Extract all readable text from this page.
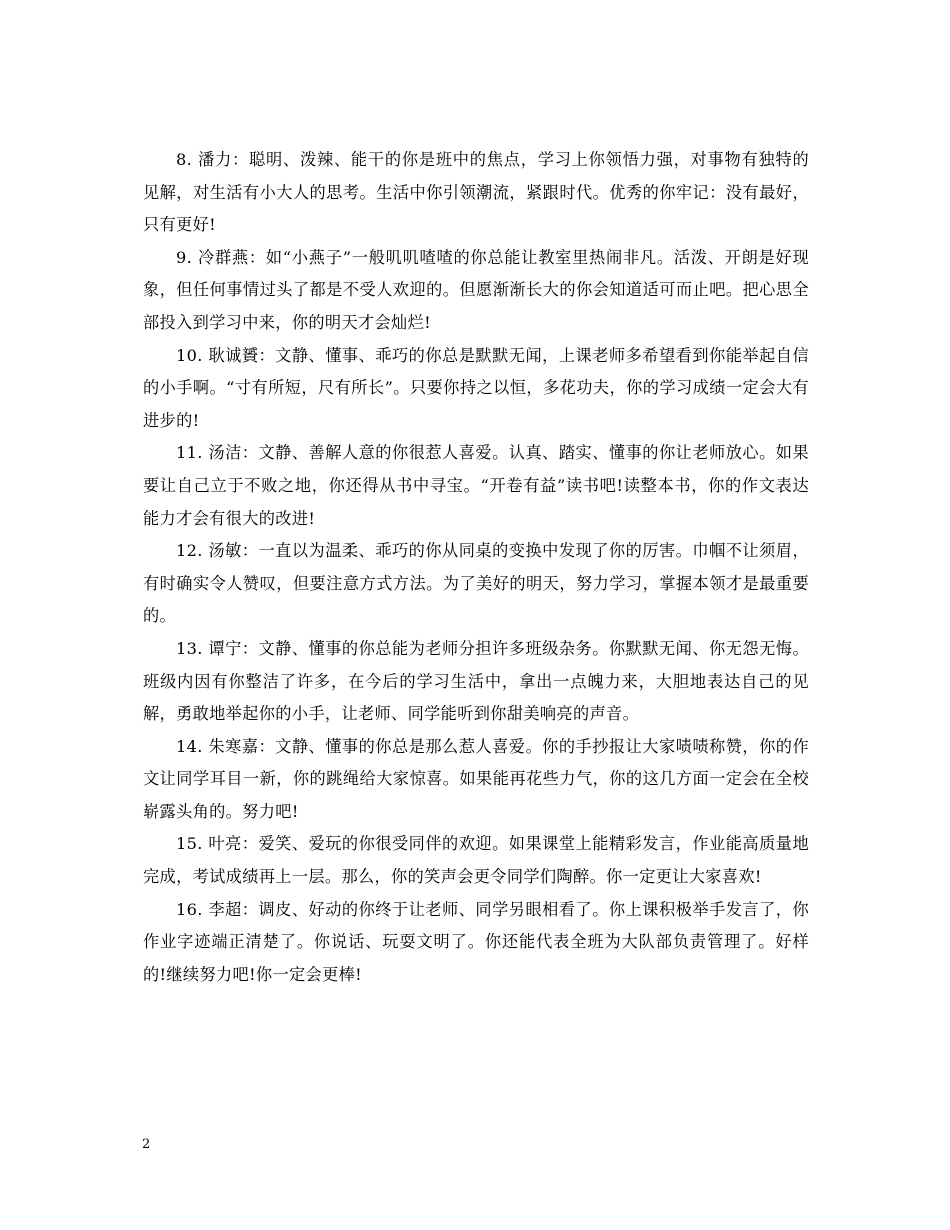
8. 潘力：聪明、泼辣、能干的你是班中的焦点，学习上你领悟力强，对事物有独特的见解，对生活有小大人的思考。生活中你引领潮流，紧跟时代。优秀的你牢记：没有最好，只有更好!

9. 冷群燕：如“小燕子”一般叽叽喳喳的你总能让教室里热闹非凡。活泼、开朗是好现象，但任何事情过头了都是不受人欢迎的。但愿渐渐长大的你会知道适可而止吧。把心思全部投入到学习中来，你的明天才会灿烂!

10. 耿诚贇：文静、懂事、乖巧的你总是默默无闻，上课老师多希望看到你能举起自信的小手啊。“寸有所短，尺有所长”。只要你持之以恒，多花功夫，你的学习成绩一定会大有进步的!

11. 汤洁：文静、善解人意的你很惹人喜爱。认真、踏实、懂事的你让老师放心。如果要让自己立于不败之地，你还得从书中寻宝。“开卷有益”读书吧!读整本书，你的作文表达能力才会有很大的改进!

12. 汤敏：一直以为温柔、乖巧的你从同桌的变换中发现了你的厉害。巾帼不让须眉，有时确实令人赞叹，但要注意方式方法。为了美好的明天，努力学习，掌握本领才是最重要的。

13. 谭宁：文静、懂事的你总能为老师分担许多班级杂务。你默默无闻、你无怨无悔。班级内因有你整洁了许多，在今后的学习生活中，拿出一点魄力来，大胆地表达自己的见解，勇敢地举起你的小手，让老师、同学能听到你甜美响亮的声音。

14. 朱寒嘉：文静、懂事的你总是那么惹人喜爱。你的手抄报让大家啧啧称赞，你的作文让同学耳目一新，你的跳绳给大家惊喜。如果能再花些力气，你的这几方面一定会在全校崭露头角的。努力吧!

15. 叶亮：爱笑、爱玩的你很受同伴的欢迎。如果课堂上能精彩发言，作业能高质量地完成，考试成绩再上一层。那么，你的笑声会更令同学们陶醉。你一定更让大家喜欢!

16. 李超：调皮、好动的你终于让老师、同学另眼相看了。你上课积极举手发言了，你作业字迹端正清楚了。你说话、玩耍文明了。你还能代表全班为大队部负责管理了。好样的!继续努力吧!你一定会更棒!

2
